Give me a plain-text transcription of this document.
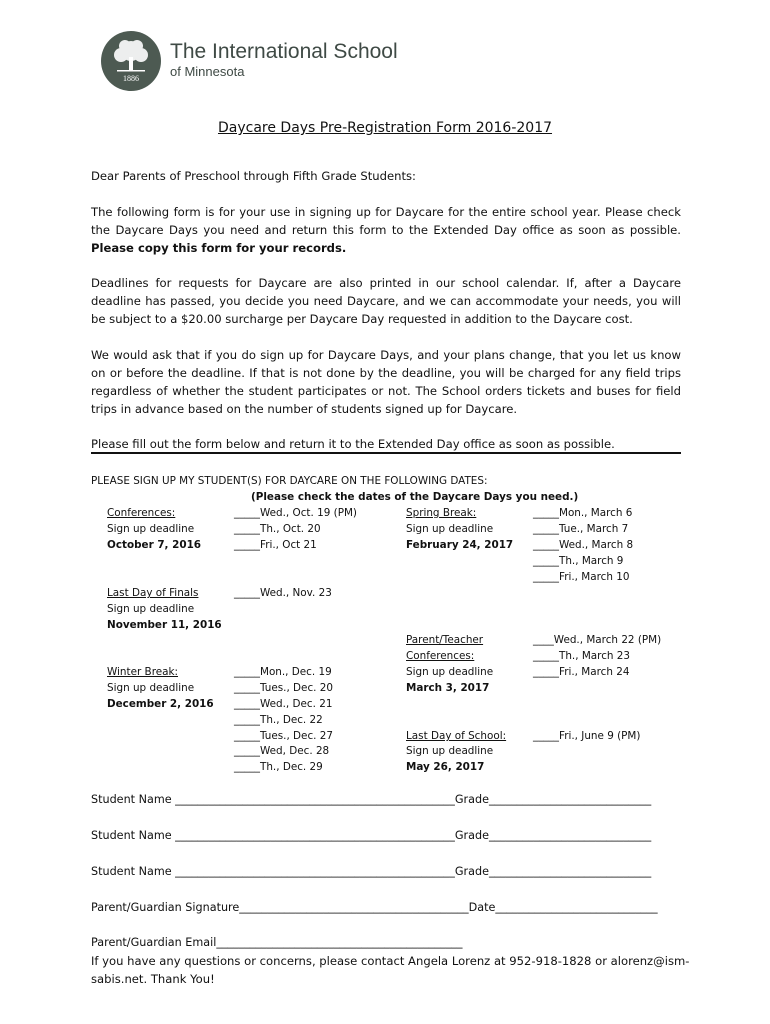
1886
The International School
of Minnesota
Daycare Days Pre-Registration Form 2016-2017
Dear Parents of Preschool through Fifth Grade Students:
The following form is for your use in signing up for Daycare for the entire school year. Please check the Daycare Days you need and return this form to the Extended Day office as soon as possible. Please copy this form for your records.
Deadlines for requests for Daycare are also printed in our school calendar. If, after a Daycare deadline has passed, you decide you need Daycare, and we can accommodate your needs, you will be subject to a $20.00 surcharge per Daycare Day requested in addition to the Daycare cost.
We would ask that if you do sign up for Daycare Days, and your plans change, that you let us know on or before the deadline. If that is not done by the deadline, you will be charged for any field trips regardless of whether the student participates or not. The School orders tickets and buses for field trips in advance based on the number of students signed up for Daycare.
Please fill out the form below and return it to the Extended Day office as soon as possible.
PLEASE SIGN UP MY STUDENT(S) FOR DAYCARE ON THE FOLLOWING DATES:
(Please check the dates of the Daycare Days you need.)
Conferences:
Sign up deadline
October 7, 2016
_____Wed., Oct. 19 (PM)
_____Th., Oct. 20
_____Fri., Oct 21
Last Day of Finals
Sign up deadline
November 11, 2016
_____Wed., Nov. 23
Winter Break:
Sign up deadline
December 2, 2016
_____Mon., Dec. 19
_____Tues., Dec. 20
_____Wed., Dec. 21
_____Th., Dec. 22
_____Tues., Dec. 27
_____Wed, Dec. 28
_____Th., Dec. 29
Spring Break:
Sign up deadline
February 24, 2017
_____Mon., March 6
_____Tue., March 7
_____Wed., March 8
_____Th., March 9
_____Fri., March 10
Parent/Teacher
Conferences:
Sign up deadline
March 3, 2017
____Wed., March 22 (PM)
_____Th., March 23
_____Fri., March 24
Last Day of School:
Sign up deadline
May 26, 2017
_____Fri., June 9 (PM)
Student Name __________________________________________________Grade_____________________________
Student Name __________________________________________________Grade_____________________________
Student Name __________________________________________________Grade_____________________________
Parent/Guardian Signature_________________________________________Date_____________________________
Parent/Guardian Email____________________________________________
If you have any questions or concerns, please contact Angela Lorenz at 952-918-1828 or alorenz@ism-
sabis.net. Thank You!
